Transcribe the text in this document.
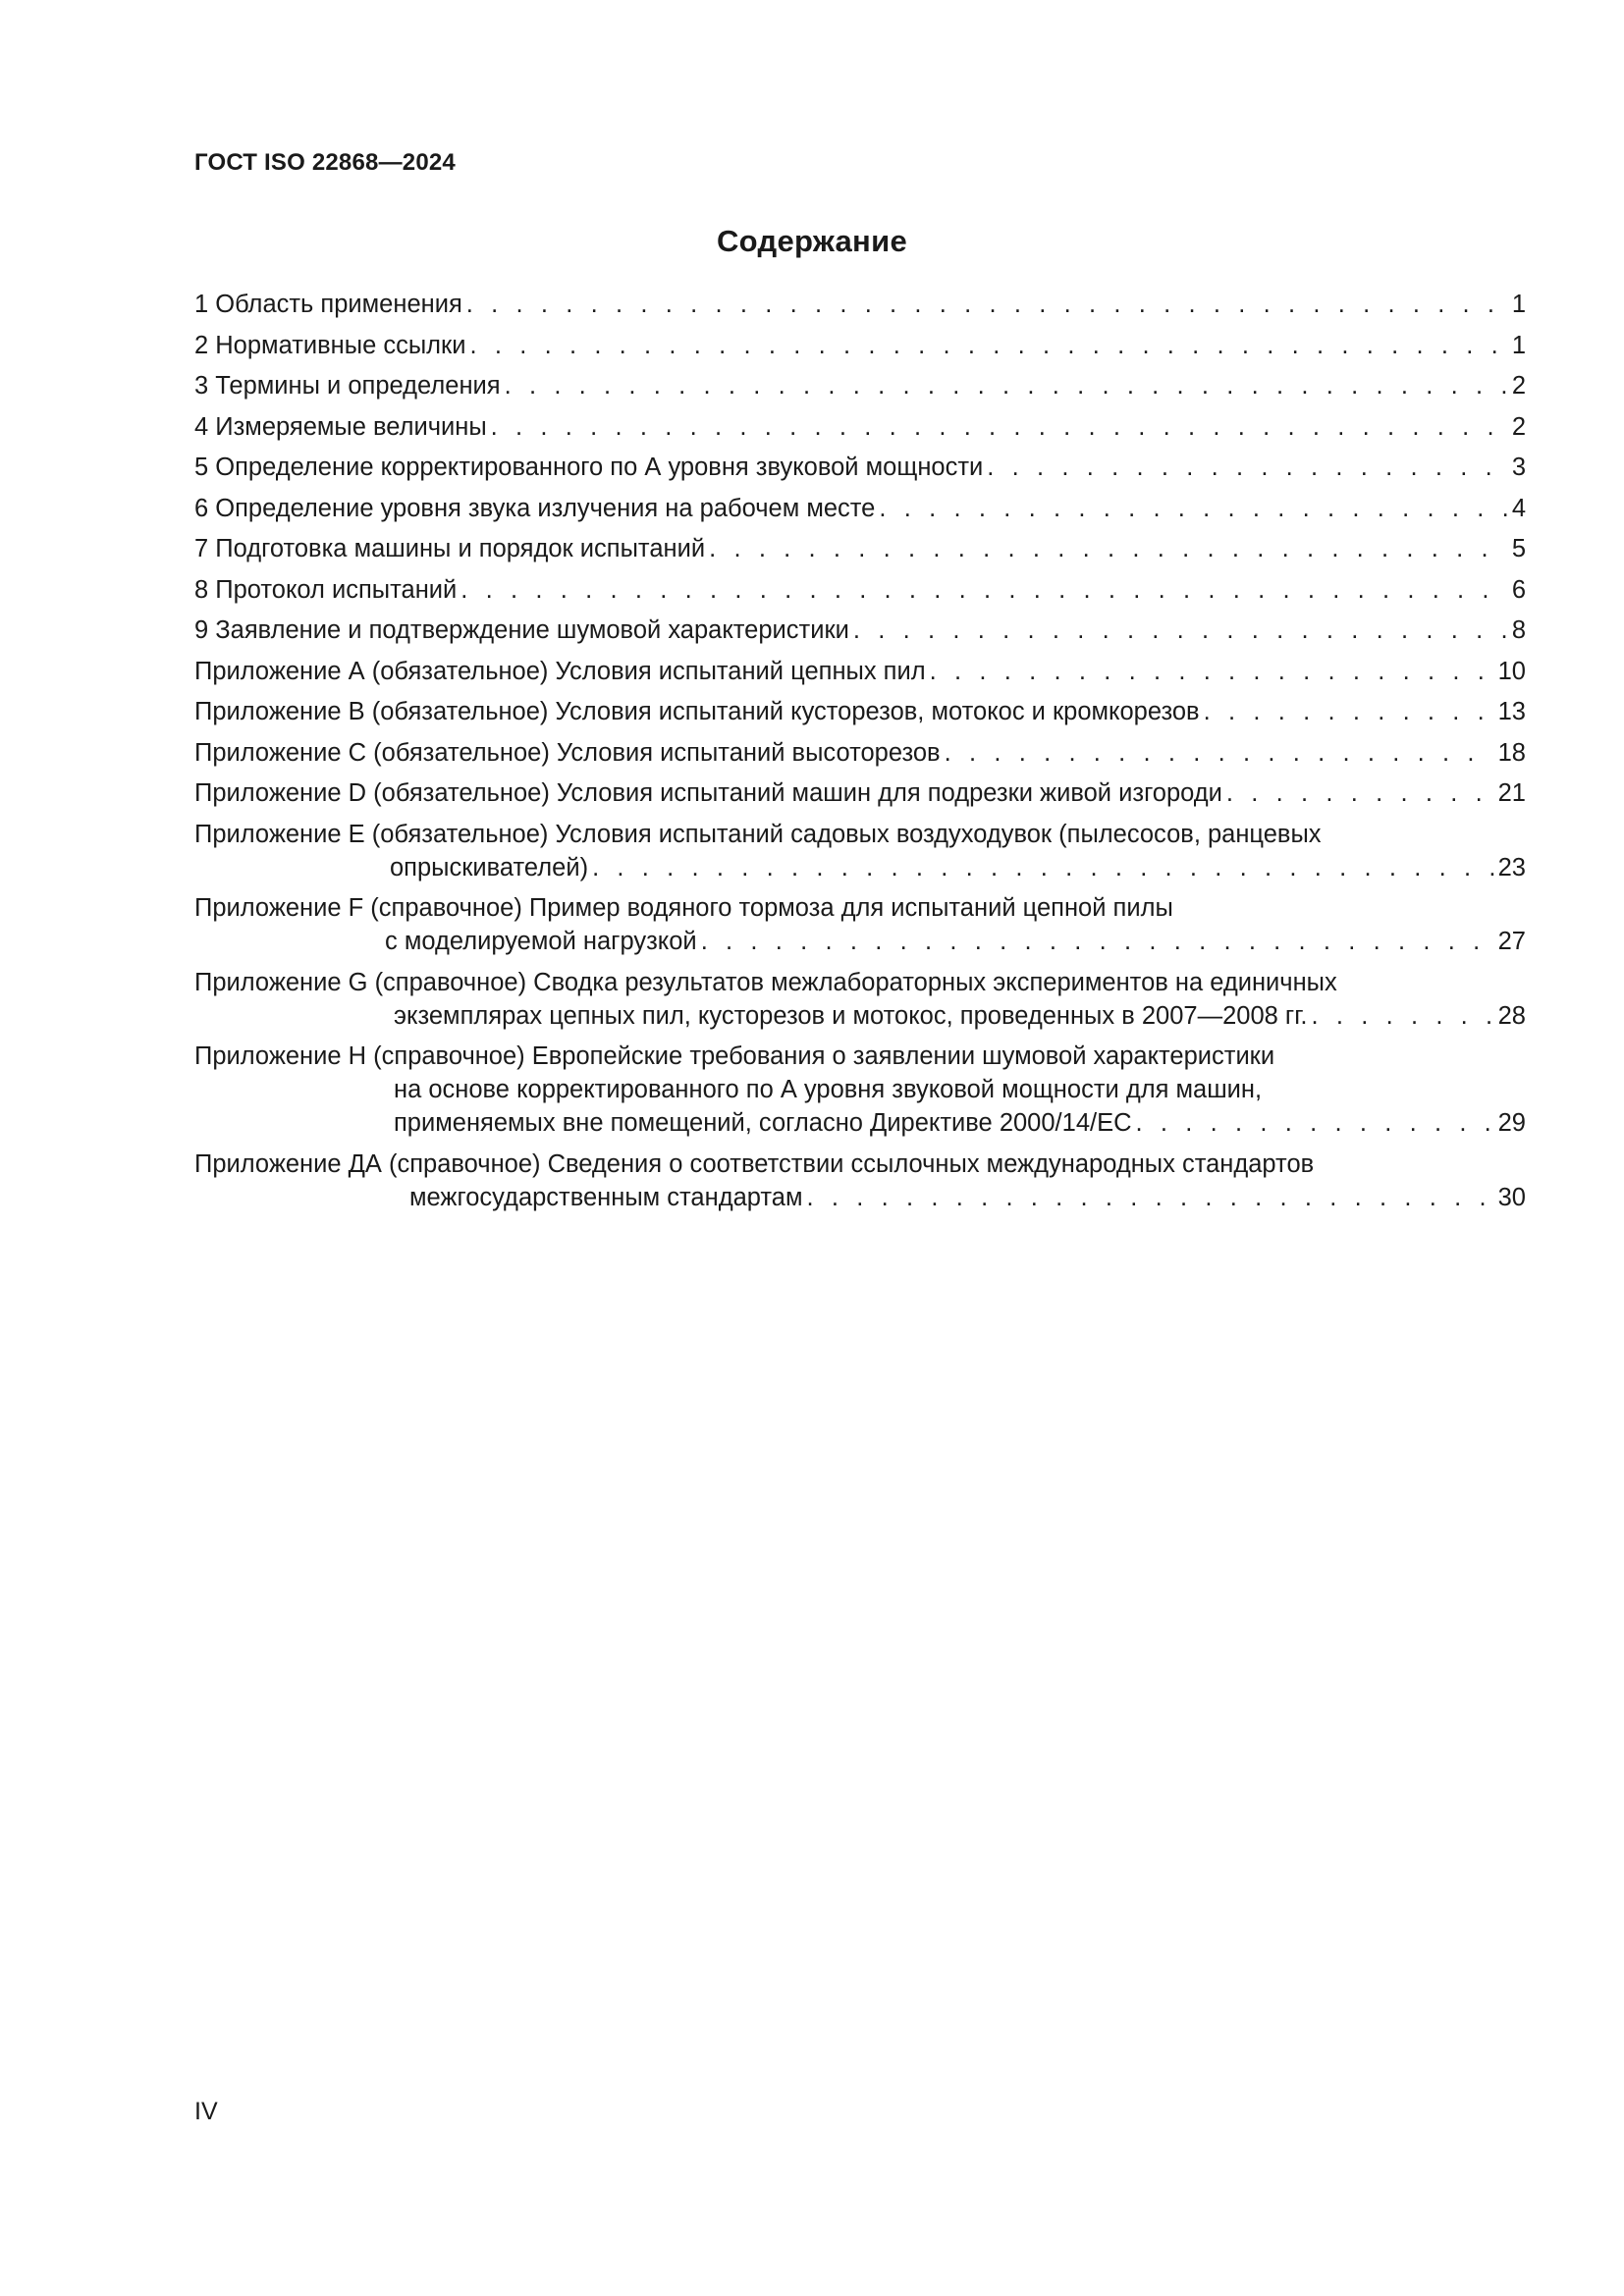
ГОСТ ISO 22868—2024
Содержание
1 Область применения . . .	1
2 Нормативные ссылки . . .	1
3 Термины и определения . . .	2
4 Измеряемые величины . . .	2
5 Определение корректированного по А уровня звуковой мощности . . .	3
6 Определение уровня звука излучения на рабочем месте . . .	4
7 Подготовка машины и порядок испытаний . . .	5
8 Протокол испытаний . . .	6
9 Заявление и подтверждение шумовой характеристики . . .	8
Приложение А (обязательное) Условия испытаний цепных пил . . .	10
Приложение В (обязательное) Условия испытаний кусторезов, мотокос и кромкорезов . . .	13
Приложение С (обязательное) Условия испытаний высоторезов . . .	18
Приложение D (обязательное) Условия испытаний машин для подрезки живой изгороди . . .	21
Приложение Е (обязательное) Условия испытаний садовых воздуходувок (пылесосов, ранцевых
опрыскивателей) . . .	23
Приложение F (справочное) Пример водяного тормоза для испытаний цепной пилы
с моделируемой нагрузкой . . .	27
Приложение G (справочное) Сводка результатов межлабораторных экспериментов на единичных
экземплярах цепных пил, кусторезов и мотокос, проведенных в 2007—2008 гг. . . .	28
Приложение Н (справочное) Европейские требования о заявлении шумовой характеристики
на основе корректированного по А уровня звуковой мощности для машин,
применяемых вне помещений, согласно Директиве 2000/14/ЕС . . .	29
Приложение ДА (справочное) Сведения о соответствии ссылочных международных стандартов
межгосударственным стандартам . . .	30
IV
